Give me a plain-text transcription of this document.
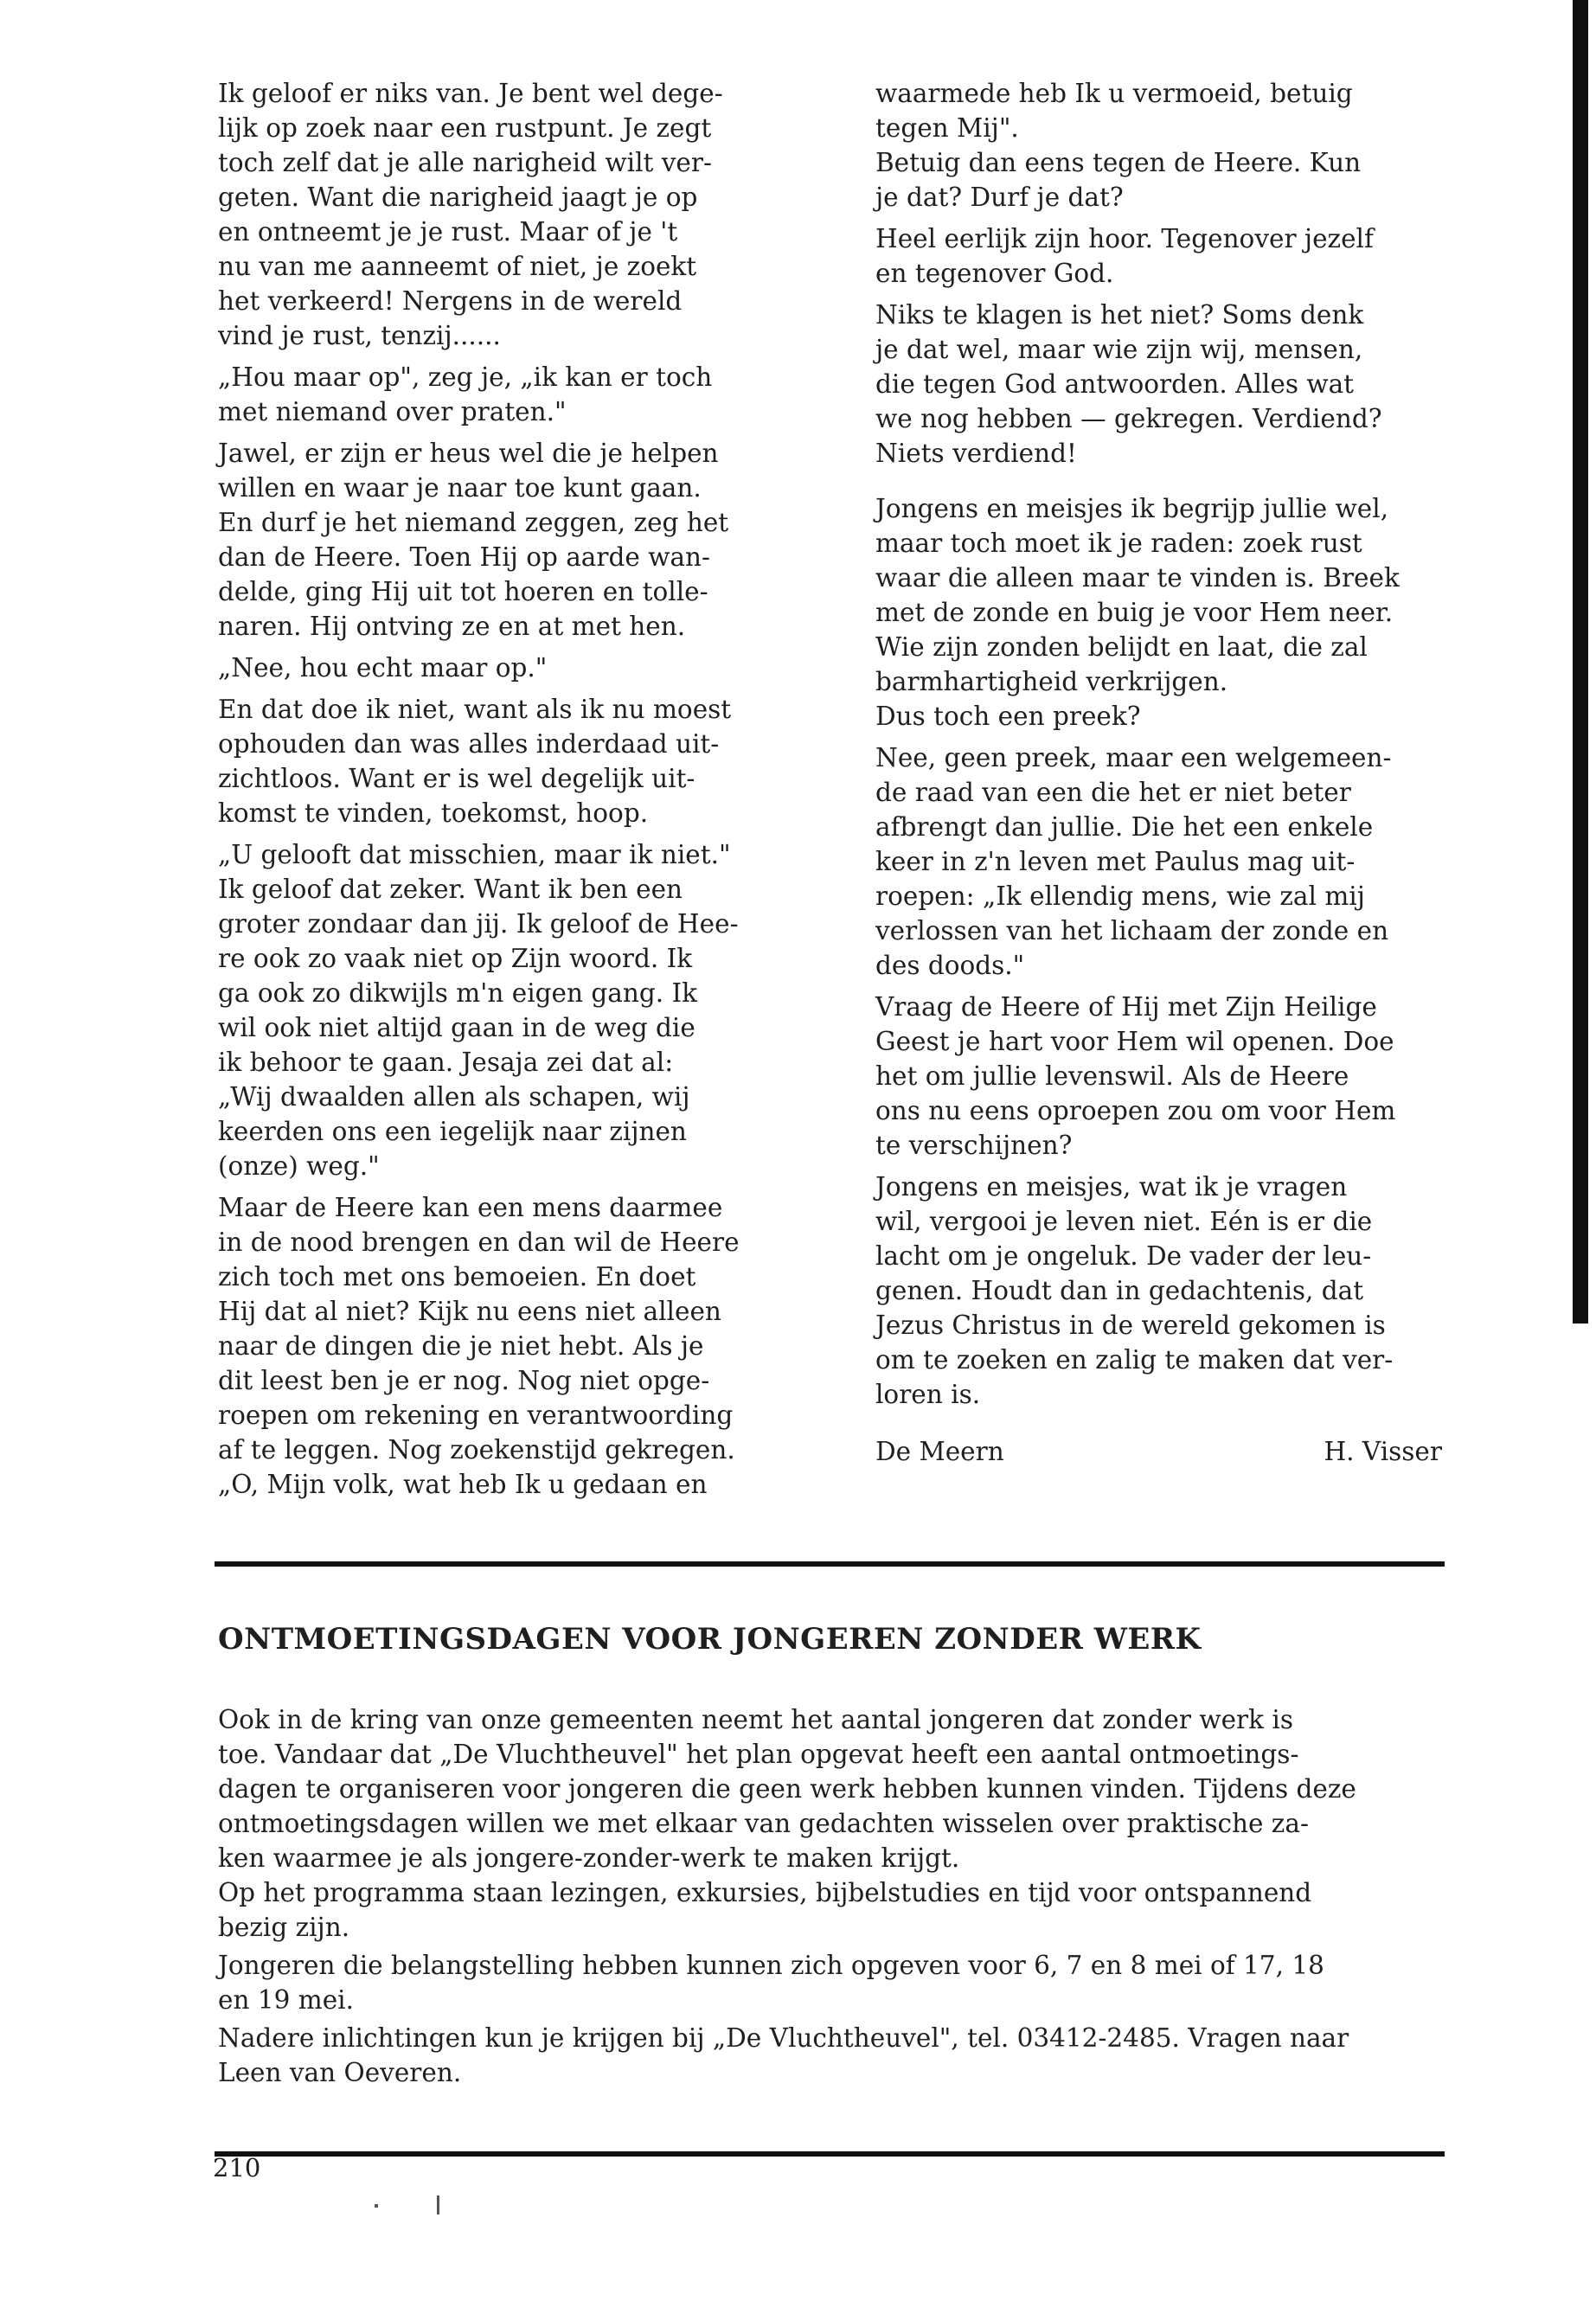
Ik geloof er niks van. Je bent wel dege-
lijk op zoek naar een rustpunt. Je zegt
toch zelf dat je alle narigheid wilt ver-
geten. Want die narigheid jaagt je op
en ontneemt je je rust. Maar of je 't
nu van me aanneemt of niet, je zoekt
het verkeerd! Nergens in de wereld
vind je rust, tenzij......

„Hou maar op", zeg je, „ik kan er toch
met niemand over praten."

Jawel, er zijn er heus wel die je helpen
willen en waar je naar toe kunt gaan.
En durf je het niemand zeggen, zeg het
dan de Heere. Toen Hij op aarde wan-
delde, ging Hij uit tot hoeren en tolle-
naren. Hij ontving ze en at met hen.

„Nee, hou echt maar op."

En dat doe ik niet, want als ik nu moest
ophouden dan was alles inderdaad uit-
zichtloos. Want er is wel degelijk uit-
komst te vinden, toekomst, hoop.

„U gelooft dat misschien, maar ik niet."
Ik geloof dat zeker. Want ik ben een
groter zondaar dan jij. Ik geloof de Hee-
re ook zo vaak niet op Zijn woord. Ik
ga ook zo dikwijls m'n eigen gang. Ik
wil ook niet altijd gaan in de weg die
ik behoor te gaan. Jesaja zei dat al:
„Wij dwaalden allen als schapen, wij
keerden ons een iegelijk naar zijnen
(onze) weg."

Maar de Heere kan een mens daarmee
in de nood brengen en dan wil de Heere
zich toch met ons bemoeien. En doet
Hij dat al niet? Kijk nu eens niet alleen
naar de dingen die je niet hebt. Als je
dit leest ben je er nog. Nog niet opge-
roepen om rekening en verantwoording
af te leggen. Nog zoekenstijd gekregen.
„O, Mijn volk, wat heb Ik u gedaan en

waarmede heb Ik u vermoeid, betuig
tegen Mij".
Betuig dan eens tegen de Heere. Kun
je dat? Durf je dat?

Heel eerlijk zijn hoor. Tegenover jezelf
en tegenover God.

Niks te klagen is het niet? Soms denk
je dat wel, maar wie zijn wij, mensen,
die tegen God antwoorden. Alles wat
we nog hebben — gekregen. Verdiend?
Niets verdiend!

Jongens en meisjes ik begrijp jullie wel,
maar toch moet ik je raden: zoek rust
waar die alleen maar te vinden is. Breek
met de zonde en buig je voor Hem neer.
Wie zijn zonden belijdt en laat, die zal
barmhartigheid verkrijgen.
Dus toch een preek?

Nee, geen preek, maar een welgemeen-
de raad van een die het er niet beter
afbrengt dan jullie. Die het een enkele
keer in z'n leven met Paulus mag uit-
roepen: „Ik ellendig mens, wie zal mij
verlossen van het lichaam der zonde en
des doods."

Vraag de Heere of Hij met Zijn Heilige
Geest je hart voor Hem wil openen. Doe
het om jullie levenswil. Als de Heere
ons nu eens oproepen zou om voor Hem
te verschijnen?

Jongens en meisjes, wat ik je vragen
wil, vergooi je leven niet. Eén is er die
lacht om je ongeluk. De vader der leu-
genen. Houdt dan in gedachtenis, dat
Jezus Christus in de wereld gekomen is
om te zoeken en zalig te maken dat ver-
loren is.

De Meern	H. Visser
ONTMOETINGSDAGEN VOOR JONGEREN ZONDER WERK

Ook in de kring van onze gemeenten neemt het aantal jongeren dat zonder werk is
toe. Vandaar dat „De Vluchtheuvel" het plan opgevat heeft een aantal ontmoetings-
dagen te organiseren voor jongeren die geen werk hebben kunnen vinden. Tijdens deze
ontmoetingsdagen willen we met elkaar van gedachten wisselen over praktische za-
ken waarmee je als jongere-zonder-werk te maken krijgt.
Op het programma staan lezingen, exkursies, bijbelstudies en tijd voor ontspannend
bezig zijn.

Jongeren die belangstelling hebben kunnen zich opgeven voor 6, 7 en 8 mei of 17, 18
en 19 mei.

Nadere inlichtingen kun je krijgen bij „De Vluchtheuvel", tel. 03412-2485. Vragen naar
Leen van Oeveren.

210
